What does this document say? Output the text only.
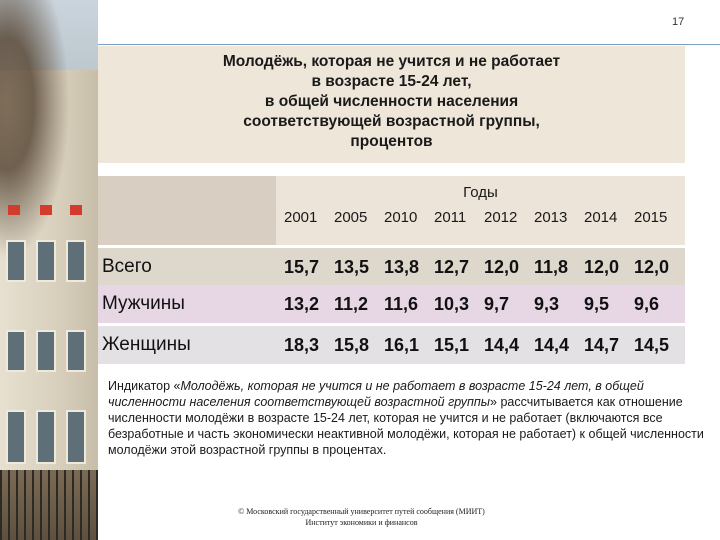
17
Молодёжь, которая не учится и не работает
в возрасте 15-24 лет,
в общей численности населения
соответствующей возрастной группы,
процентов
Годы
2001	2005	2010	2011	2012	2013	2014	2015
Всего	15,7 13,5 13,8 12,7 12,0 11,8 12,0 12,0
Мужчины	13,2 11,2 11,6 10,3 9,7	9,3	9,5	9,6
Женщины	18,3 15,8 16,1 15,1 14,4 14,4 14,7 14,5
Индикатор «Молодёжь, которая не учится и не работает в возрасте 15-24 лет, в общей численности населения соответствующей возрастной группы» рассчитывается как отношение численности молодёжи в возрасте 15-24 лет, которая не учится и не работает (включаются все безработные и часть экономически неактивной молодёжи, которая не работает) к общей численности молодёжи этой возрастной группы в процентах.
© Московский государственный университет путей сообщения (МИИТ)
Институт экономики и финансов
